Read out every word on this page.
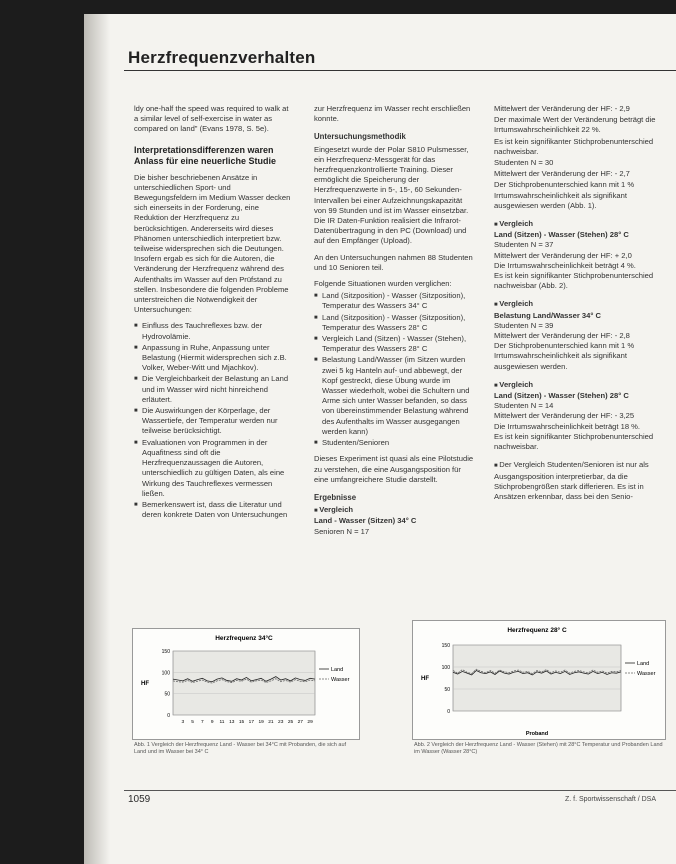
Herzfrequenzverhalten

ldy one-half the speed was required to walk at a similar level of self-exercise in water as compared on land" (Evans 1978, S. 5e).

Interpretationsdifferenzen waren Anlass für eine neuerliche Studie

Die bisher beschriebenen Ansätze in unterschiedlichen Sport- und Bewegungsfeldern im Medium Wasser decken sich einerseits in der Forderung, eine Reduktion der Herzfrequenz zu berücksichtigen. Andererseits wird dieses Phänomen unterschiedlich interpretiert bzw. teilweise widersprechen sich die Deutungen. Insofern ergab es sich für die Autoren, die Veränderung der Herzfrequenz während des Aufenthalts im Wasser auf den Prüfstand zu stellen. Insbesondere die folgenden Probleme unterstreichen die Notwendigkeit der Untersuchungen:

■ Einfluss des Tauchreflexes bzw. der Hydrovolämie.
■ Anpassung in Ruhe, Anpassung unter Belastung (Hiermit widersprechen sich z.B. Volker, Weber-Witt und Mjachkov).
■ Die Vergleichbarkeit der Belastung an Land und im Wasser wird nicht hinreichend erläutert.
■ Die Auswirkungen der Körperlage, der Wassertiefe, der Temperatur werden nur teilweise berücksichtigt.
■ Evaluationen von Programmen in der Aquafitness sind oft die Herzfrequenzaussagen die Autoren, unterschiedlich zu gültigen Daten, als eine Wirkung des Tauchreflexes vermessen ließen.
■ Bemerkenswert ist, dass die Literatur und deren konkrete Daten von Untersuchungen

zur Herzfrequenz im Wasser recht erschließen konnte.

Untersuchungsmethodik

Eingesetzt wurde der Polar S810 Pulsmesser, ein Herzfrequenz-Messgerät für das herzfrequenzkontrollierte Training. Dieser ermöglicht die Speicherung der Herzfrequenzwerte in 5-, 15-, 60 Sekunden-Intervallen bei einer Aufzeichnungskapazität von 99 Stunden und ist im Wasser einsetzbar. Die IR Daten-Funktion realisiert die Infrarot-Datenübertragung in den PC (Download) und auf den Empfänger (Upload).

An den Untersuchungen nahmen 88 Studenten und 10 Senioren teil.

Folgende Situationen wurden verglichen:

■ Land (Sitzposition) - Wasser (Sitzposition), Temperatur des Wassers 34° C
■ Land (Sitzposition) - Wasser (Sitzposition), Temperatur des Wassers 28° C
■ Vergleich Land (Sitzen) - Wasser (Stehen), Temperatur des Wassers 28° C
■ Belastung Land/Wasser (im Sitzen wurden zwei 5 kg Hanteln auf- und abbewegt, der Kopf gestreckt, diese Übung wurde im Wasser wiederholt, wobei die Schultern und Arme sich unter Wasser befanden, so dass von übereinstimmender Belastung während des Aufenthalts im Wasser ausgegangen werden kann)
■ Studenten/Senioren

Dieses Experiment ist quasi als eine Pilotstudie zu verstehen, die eine Ausgangsposition für eine umfangreichere Studie darstellt.

Ergebnisse
■ Vergleich
Land - Wasser (Sitzen) 34° C
Senioren N = 17

Mittelwert der Veränderung der HF: - 2,9

Der maximale Wert der Veränderung beträgt die Irrtumswahrscheinlichkeit 22 %.

Es ist kein signifikanter Stichprobenunterschied nachweisbar.

Studenten N = 30

Mittelwert der Veränderung der HF: - 2,7

Der Stichprobenunterschied kann mit 1 % Irrtumswahrscheinlichkeit als signifikant ausgewiesen werden (Abb. 1).

■ Vergleich
Land (Sitzen) - Wasser (Stehen) 28° C
Studenten N = 37
Mittelwert der Veränderung der HF: + 2,0
Die Irrtumswahrscheinlichkeit beträgt 4 %.
Es ist kein signifikanter Stichprobenunterschied nachweisbar (Abb. 2).
■ Vergleich
Belastung Land/Wasser 34° C
Studenten N = 39
Mittelwert der Veränderung der HF: - 2,8
Der Stichprobenunterschied kann mit 1 % Irrtumswahrscheinlichkeit als signifikant ausgewiesen werden.
■ Vergleich
Land (Sitzen) - Wasser (Stehen) 28° C
Studenten N = 14
Mittelwert der Veränderung der HF: - 3,25
Die Irrtumswahrscheinlichkeit beträgt 18 %.
Es ist kein signifikanter Stichprobenunterschied nachweisbar.
■ Der Vergleich Studenten/Senioren ist nur als Ausgangsposition interpretierbar, da die Stichprobengrößen stark differieren. Es ist in Ansätzen erkennbar, dass bei den Senio-
Herzfrequenz 34°C
0
50
100
150
HF
3 5 7 9 11 13 15 17 19 21 23 25 27 29
Land
Wasser
Abb. 1 Vergleich der Herzfrequenz Land - Wasser bei 34°C mit Probanden, die sich auf Land und im Wasser bei 34° C
Herzfrequenz 28° C
0
50
100
150
HF
Proband
Land
Wasser
Abb. 2 Vergleich der Herzfrequenz Land - Wasser (Stehen) mit 28°C Temperatur und Probanden Land im Wasser (Wasser 28°C)
1059	Z. f. Sportwissenschaft / DSA
